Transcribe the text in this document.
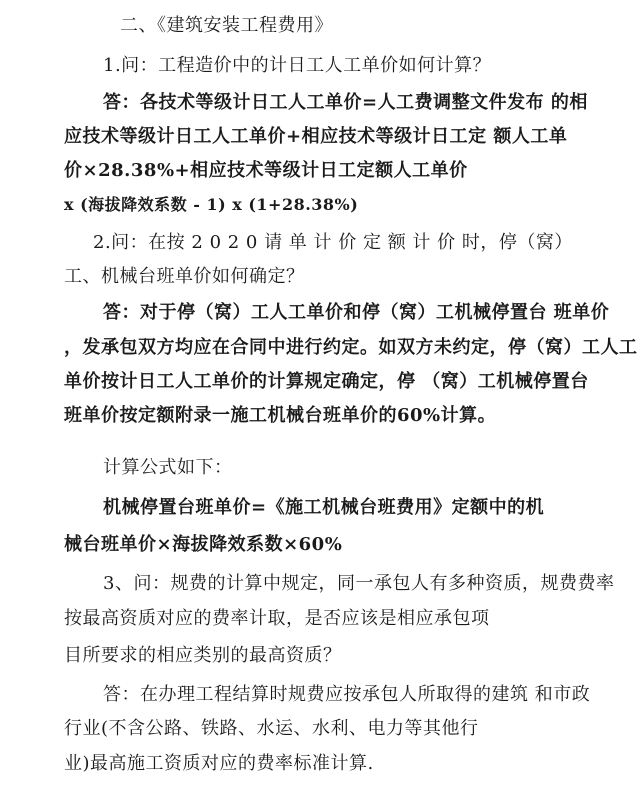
二、《建筑安装工程费用》
1.问：工程造价中的计日工人工单价如何计算？
答：各技术等级计日工人工单价=人工费调整文件发布 的相
应技术等级计日工人工单价+相应技术等级计日工定 额人工单
价×28.38%+相应技术等级计日工定额人工单价
x (海拔降效系数 - 1) x (1+28.38%)
2.问：在按 2 0 2 0 请 单 计 价 定 额 计 价 时，停（窝）
工、机械台班单价如何确定？
答：对于停（窝）工人工单价和停（窝）工机械停置台 班单价
，发承包双方均应在合同中进行约定。如双方未约定，停（窝）工人工
单价按计日工人工单价的计算规定确定，停 （窝）工机械停置台
班单价按定额附录一施工机械台班单价的60%计算。
计算公式如下：
机械停置台班单价=《施工机械台班费用》定额中的机
械台班单价×海拔降效系数×60%
3、问：规费的计算中规定，同一承包人有多种资质，规费费率
按最高资质对应的费率计取，是否应该是相应承包项
目所要求的相应类别的最高资质？
答：在办理工程结算时规费应按承包人所取得的建筑 和市政
行业(不含公路、铁路、水运、水利、电力等其他行
业)最高施工资质对应的费率标准计算.
